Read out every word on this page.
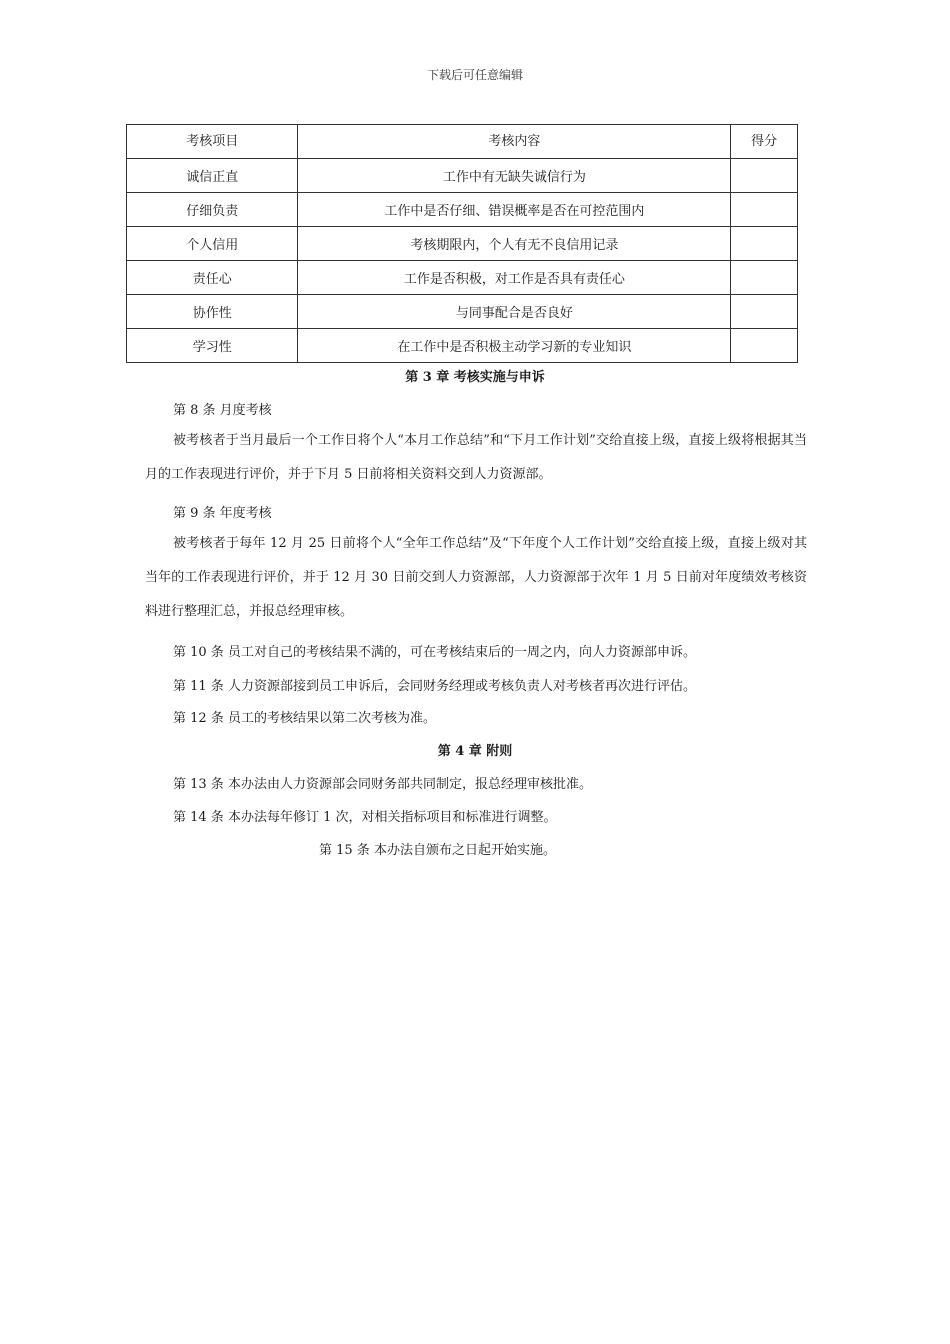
下载后可任意编辑
考核项目	考核内容	得分
诚信正直	工作中有无缺失诚信行为	
仔细负责	工作中是否仔细、错误概率是否在可控范围内	
个人信用	考核期限内，个人有无不良信用记录	
责任心	工作是否积极，对工作是否具有责任心	
协作性	与同事配合是否良好	
学习性	在工作中是否积极主动学习新的专业知识	
第 3 章 考核实施与申诉
第 8 条 月度考核
被考核者于当月最后一个工作日将个人“本月工作总结”和“下月工作计划”交给直接上级，直接上级将根据其当月的工作表现进行评价，并于下月 5 日前将相关资料交到人力资源部。
第 9 条 年度考核
被考核者于每年 12 月 25 日前将个人“全年工作总结”及“下年度个人工作计划”交给直接上级，直接上级对其当年的工作表现进行评价，并于 12 月 30 日前交到人力资源部，人力资源部于次年 1 月 5 日前对年度绩效考核资料进行整理汇总，并报总经理审核。
第 10 条 员工对自己的考核结果不满的，可在考核结束后的一周之内，向人力资源部申诉。
第 11 条 人力资源部接到员工申诉后，会同财务经理或考核负责人对考核者再次进行评估。
第 12 条 员工的考核结果以第二次考核为准。
第 4 章 附则
第 13 条 本办法由人力资源部会同财务部共同制定，报总经理审核批准。
第 14 条 本办法每年修订 1 次，对相关指标项目和标准进行调整。
第 15 条 本办法自颁布之日起开始实施。
